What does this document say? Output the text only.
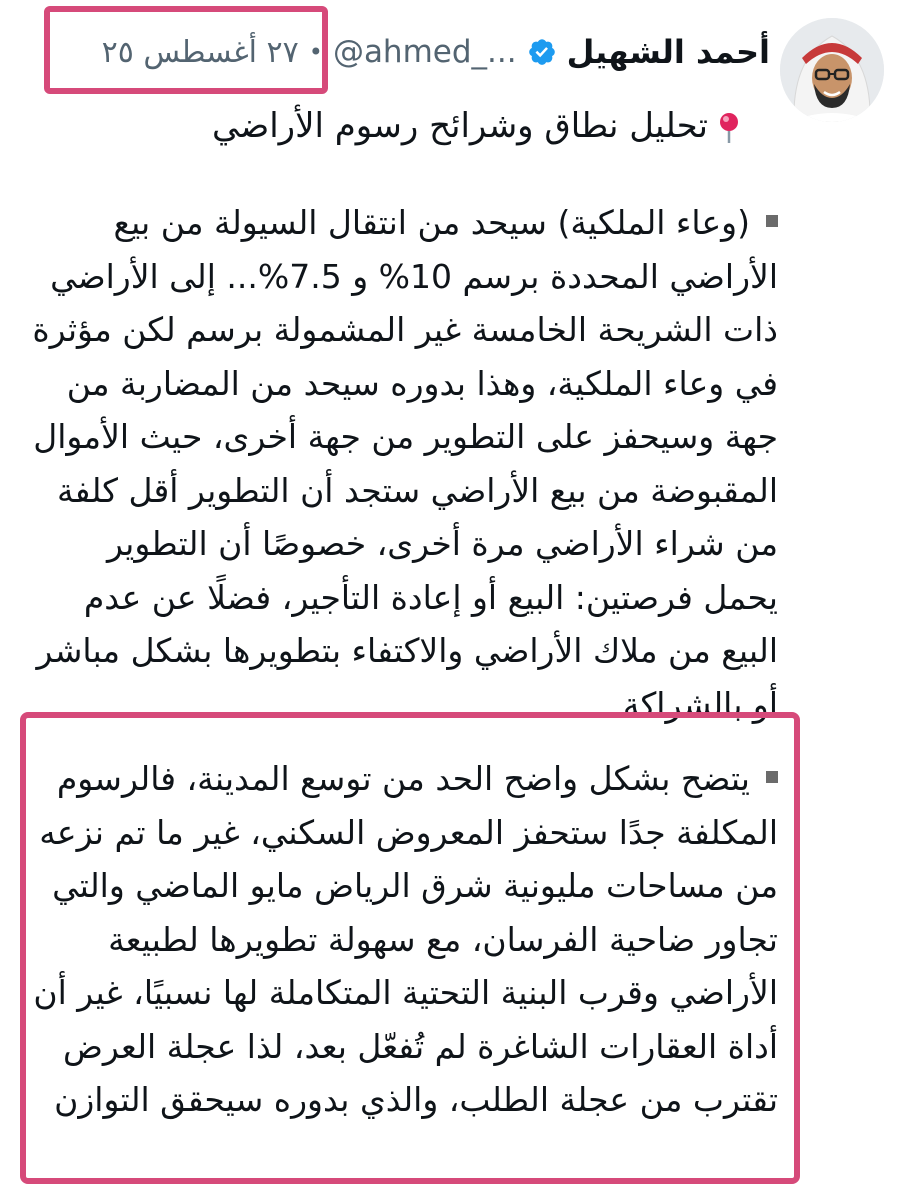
أحمد الشهيل
@ahmed_...
•
٢٧ أغسطس ٢٥
تحليل نطاق وشرائح رسوم الأراضي
(وعاء الملكية) سيحد من انتقال السيولة من بيع الأراضي المحددة برسم 10% و 7.5%... إلى الأراضي ذات الشريحة الخامسة غير المشمولة برسم لكن مؤثرة في وعاء الملكية، وهذا بدوره سيحد من المضاربة من جهة وسيحفز على التطوير من جهة أخرى، حيث الأموال المقبوضة من بيع الأراضي ستجد أن التطوير أقل كلفة من شراء الأراضي مرة أخرى، خصوصًا أن التطوير يحمل فرصتين: البيع أو إعادة التأجير، فضلًا عن عدم البيع من ملاك الأراضي والاكتفاء بتطويرها بشكل مباشر أو بالشراكة
يتضح بشكل واضح الحد من توسع المدينة، فالرسوم المكلفة جدًا ستحفز المعروض السكني، غير ما تم نزعه من مساحات مليونية شرق الرياض مايو الماضي والتي تجاور ضاحية الفرسان، مع سهولة تطويرها لطبيعة الأراضي وقرب البنية التحتية المتكاملة لها نسبيًا، غير أن أداة العقارات الشاغرة لم تُفعّل بعد، لذا عجلة العرض تقترب من عجلة الطلب، والذي بدوره سيحقق التوازن
